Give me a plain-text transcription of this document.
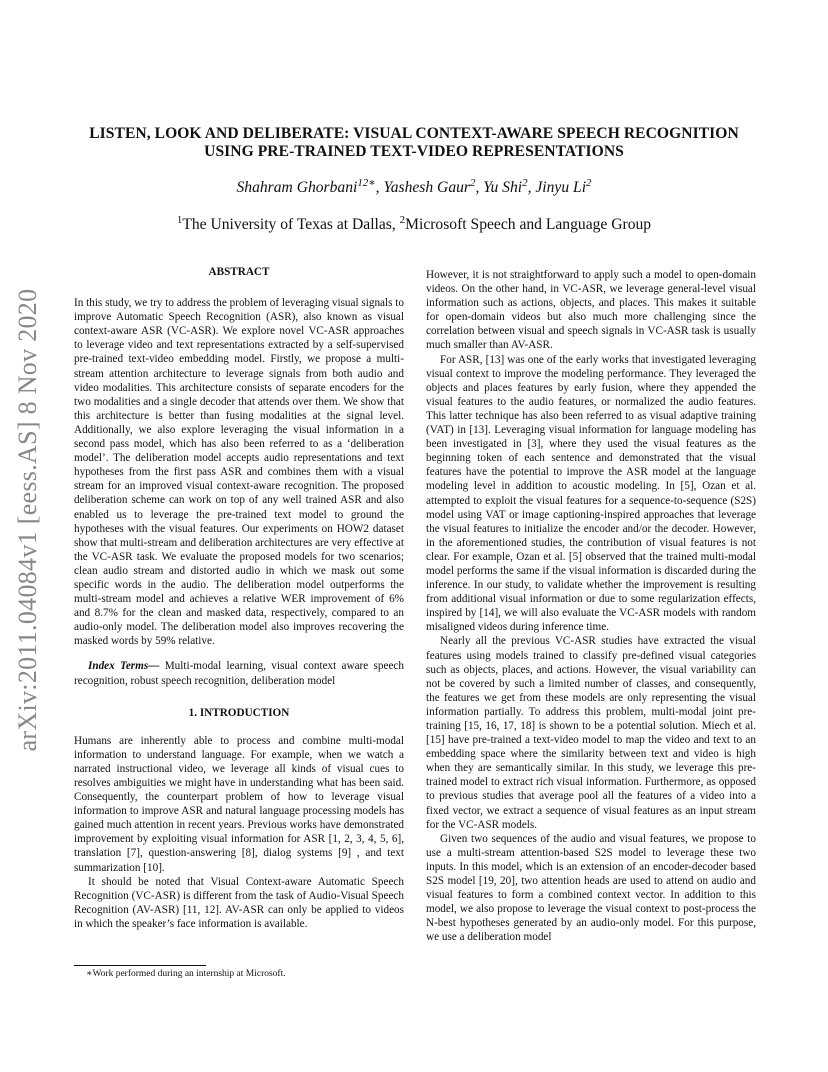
arXiv:2011.04084v1 [eess.AS] 8 Nov 2020
LISTEN, LOOK AND DELIBERATE: VISUAL CONTEXT-AWARE SPEECH RECOGNITION
USING PRE-TRAINED TEXT-VIDEO REPRESENTATIONS
Shahram Ghorbani$^{12∗}$, Yashesh Gaur$^2$, Yu Shi$^2$, Jinyu Li$^2$
$^1$The University of Texas at Dallas, $^2$Microsoft Speech and Language Group
ABSTRACT

In this study, we try to address the problem of leveraging visual signals to improve Automatic Speech Recognition (ASR), also known as visual context-aware ASR (VC-ASR). We explore novel VC-ASR approaches to leverage video and text representations extracted by a self-supervised pre-trained text-video embedding model. Firstly, we propose a multi-stream attention architecture to leverage signals from both audio and video modalities. This architecture consists of separate encoders for the two modalities and a single decoder that attends over them. We show that this architecture is better than fusing modalities at the signal level. Additionally, we also explore leveraging the visual information in a second pass model, which has also been referred to as a ‘deliberation model’. The deliberation model accepts audio representations and text hypotheses from the first pass ASR and combines them with a visual stream for an improved visual context-aware recognition. The proposed deliberation scheme can work on top of any well trained ASR and also enabled us to leverage the pre-trained text model to ground the hypotheses with the visual features. Our experiments on HOW2 dataset show that multi-stream and deliberation architectures are very effective at the VC-ASR task. We evaluate the proposed models for two scenarios; clean audio stream and distorted audio in which we mask out some specific words in the audio. The deliberation model outperforms the multi-stream model and achieves a relative WER improvement of 6% and 8.7% for the clean and masked data, respectively, compared to an audio-only model. The deliberation model also improves recovering the masked words by 59% relative.

Index Terms— Multi-modal learning, visual context aware speech recognition, robust speech recognition, deliberation model

1. INTRODUCTION

Humans are inherently able to process and combine multi-modal information to understand language. For example, when we watch a narrated instructional video, we leverage all kinds of visual cues to resolves ambiguities we might have in understanding what has been said. Consequently, the counterpart problem of how to leverage visual information to improve ASR and natural language processing models has gained much attention in recent years. Previous works have demonstrated improvement by exploiting visual information for ASR [1, 2, 3, 4, 5, 6], translation [7], question-answering [8], dialog systems [9] , and text summarization [10].

It should be noted that Visual Context-aware Automatic Speech Recognition (VC-ASR) is different from the task of Audio-Visual Speech Recognition (AV-ASR) [11, 12]. AV-ASR can only be applied to videos in which the speaker’s face information is available.

∗Work performed during an internship at Microsoft.

However, it is not straightforward to apply such a model to open-domain videos. On the other hand, in VC-ASR, we leverage general-level visual information such as actions, objects, and places. This makes it suitable for open-domain videos but also much more challenging since the correlation between visual and speech signals in VC-ASR task is usually much smaller than AV-ASR.

For ASR, [13] was one of the early works that investigated leveraging visual context to improve the modeling performance. They leveraged the objects and places features by early fusion, where they appended the visual features to the audio features, or normalized the audio features. This latter technique has also been referred to as visual adaptive training (VAT) in [13]. Leveraging visual information for language modeling has been investigated in [3], where they used the visual features as the beginning token of each sentence and demonstrated that the visual features have the potential to improve the ASR model at the language modeling level in addition to acoustic modeling. In [5], Ozan et al. attempted to exploit the visual features for a sequence-to-sequence (S2S) model using VAT or image captioning-inspired approaches that leverage the visual features to initialize the encoder and/or the decoder. However, in the aforementioned studies, the contribution of visual features is not clear. For example, Ozan et al. [5] observed that the trained multi-modal model performs the same if the visual information is discarded during the inference. In our study, to validate whether the improvement is resulting from additional visual information or due to some regularization effects, inspired by [14], we will also evaluate the VC-ASR models with random misaligned videos during inference time.

Nearly all the previous VC-ASR studies have extracted the visual features using models trained to classify pre-defined visual categories such as objects, places, and actions. However, the visual variability can not be covered by such a limited number of classes, and consequently, the features we get from these models are only representing the visual information partially. To address this problem, multi-modal joint pre-training [15, 16, 17, 18] is shown to be a potential solution. Miech et al. [15] have pre-trained a text-video model to map the video and text to an embedding space where the similarity between text and video is high when they are semantically similar. In this study, we leverage this pre-trained model to extract rich visual information. Furthermore, as opposed to previous studies that average pool all the features of a video into a fixed vector, we extract a sequence of visual features as an input stream for the VC-ASR models.

Given two sequences of the audio and visual features, we propose to use a multi-stream attention-based S2S model to leverage these two inputs. In this model, which is an extension of an encoder-decoder based S2S model [19, 20], two attention heads are used to attend on audio and visual features to form a combined context vector. In addition to this model, we also propose to leverage the visual context to post-process the N-best hypotheses generated by an audio-only model. For this purpose, we use a deliberation model
